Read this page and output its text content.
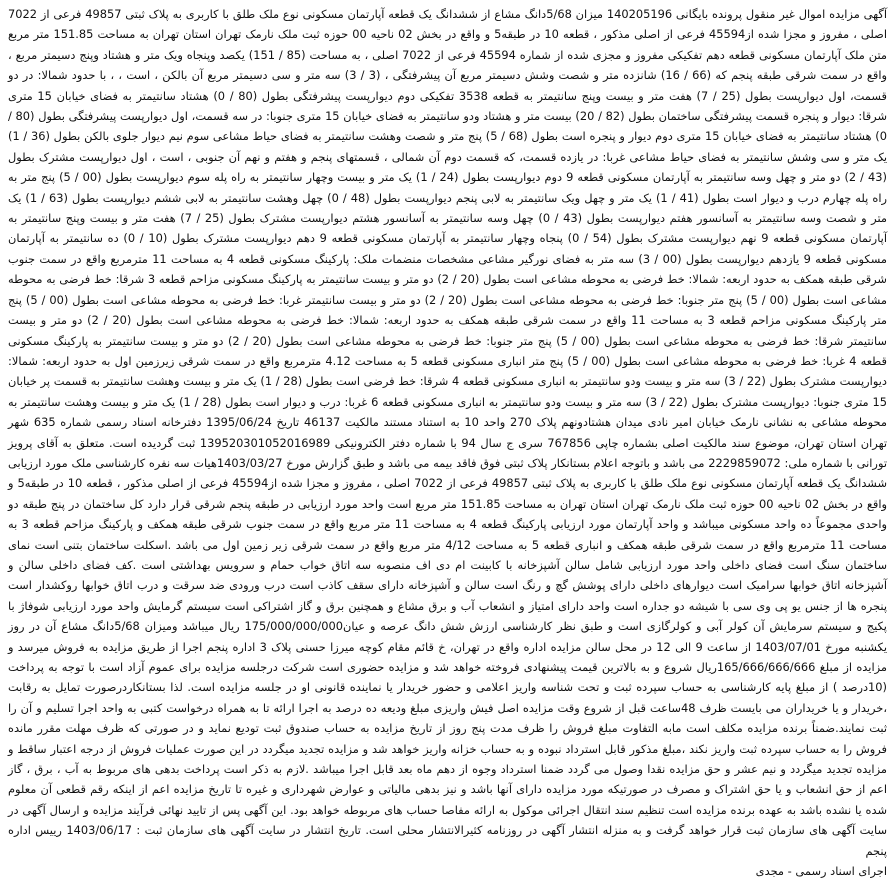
آگهی مزایده اموال غیر منقول پرونده بایگانی 140205196 میزان 5/68دانگ مشاع از ششدانگ یک قطعه آپارتمان مسکونی نوع ملک طلق با کاربری به پلاک ثبتی 49857 فرعی از 7022 اصلی ، مفروز و مجزا شده از45594 فرعی از اصلی مذکور ، قطعه 10 در طبقه5 و واقع در بخش 02 ناحیه 00 حوزه ثبت ملک نارمک تهران استان تهران به مساحت 151.85 متر مربع متن ملک آپارتمان مسکونی قطعه دهم تفکیکی مفروز و مجزی شده از شماره 45594 فرعی از 7022 اصلی ، به مساحت (85 / 151) یکصد وپنجاه ویک متر و هشتاد وپنج دسیمتر مربع ، واقع در سمت شرقی طبقه پنجم که (66 / 16) شانزده متر و شصت وشش دسیمتر مربع آن پیشرفتگی ، (3 / 3) سه متر و سی دسیمتر مربع آن بالکن ، است ، ، با حدود شمالا: در دو قسمت، اول دیوارپست بطول (25 / 7) هفت متر و بیست وپنج سانتیمتر به قطعه 3538 تفکیکی دوم دیوارپست پیشرفتگی بطول (80 / 0) هشتاد سانتیمتر به فضای خیابان 15 متری شرقا: دیوار و پنجره قسمت پیشرفتگی ساختمان بطول (82 / 20) بیست متر و هشتاد ودو سانتیمتر به فضای خیابان 15 متری جنوبا: در سه قسمت، اول دیوارپست پیشرفتگی بطول (80 / 0) هشتاد سانتیمتر به فضای خیابان 15 متری دوم دیوار و پنجره است بطول (68 / 5) پنج متر و شصت وهشت سانتیمتر به فضای حیاط مشاعی سوم نیم دیوار جلوی بالکن بطول (36 / 1) یک متر و سی وشش سانتیمتر به فضای حیاط مشاعی غربا: در یازده قسمت، که قسمت دوم آن شمالی ، قسمتهای پنجم و هفتم و نهم آن جنوبی ، است ، اول دیوارپست مشترک بطول (43 / 2) دو متر و چهل وسه سانتیمتر به آپارتمان مسکونی قطعه 9 دوم دیوارپست بطول (24 / 1) یک متر و بیست وچهار سانتیمتر به راه پله سوم دیوارپست بطول (00 / 5) پنج متر به راه پله چهارم درب و دیوار است بطول (41 / 1) یک متر و چهل ویک سانتیمتر به لابی پنجم دیوارپست بطول (48 / 0) چهل وهشت سانتیمتر به لابی ششم دیوارپست بطول (63 / 1) یک متر و شصت وسه سانتیمتر به آسانسور هفتم دیوارپست بطول (43 / 0) چهل وسه سانتیمتر به آسانسور هشتم دیوارپست مشترک بطول (25 / 7) هفت متر و بیست وپنج سانتیمتر به آپارتمان مسکونی قطعه 9 نهم دیوارپست مشترک بطول (54 / 0) پنجاه وچهار سانتیمتر به آپارتمان مسکونی قطعه 9 دهم دیوارپست مشترک بطول (10 / 0) ده سانتیمتر به آپارتمان مسکونی قطعه 9 یازدهم دیوارپست بطول (00 / 3) سه متر به فضای نورگیر مشاعی مشخصات منضمات ملک: پارکینگ مسکونی قطعه 4 به مساحت 11 مترمربع واقع در سمت جنوب شرقی طبقه همکف به حدود اربعه: شمالا: خط فرضی به محوطه مشاعی است بطول (20 / 2) دو متر و بیست سانتیمتر به پارکینگ مسکونی مزاحم قطعه 3 شرقا: خط فرضی به محوطه مشاعی است بطول (00 / 5) پنج متر جنوبا: خط فرضی به محوطه مشاعی است بطول (20 / 2) دو متر و بیست سانتیمتر غربا: خط فرضی به محوطه مشاعی است بطول (00 / 5) پنج متر پارکینگ مسکونی مزاحم قطعه 3 به مساحت 11 واقع در سمت شرقی طبقه همکف به حدود اربعه: شمالا: خط فرضی به محوطه مشاعی است بطول (20 / 2) دو متر و بیست سانتیمتر شرقا: خط فرضی به محوطه مشاعی است بطول (00 / 5) پنج متر جنوبا: خط فرضی به محوطه مشاعی است بطول (20 / 2) دو متر و بیست سانتیمتر به پارکینگ مسکونی قطعه 4 غربا: خط فرضی به محوطه مشاعی است بطول (00 / 5) پنج متر انباری مسکونی قطعه 5 به مساحت 4.12 مترمربع واقع در سمت شرقی زیرزمین اول به حدود اربعه: شمالا: دیوارپست مشترک بطول (22 / 3) سه متر و بیست ودو سانتیمتر به انباری مسکونی قطعه 4 شرقا: خط فرضی است بطول (28 / 1) یک متر و بیست وهشت سانتیمتر به قسمت پر خیابان 15 متری جنوبا: دیوارپست مشترک بطول (22 / 3) سه متر و بیست ودو سانتیمتر به انباری مسکونی قطعه 6 غربا: درب و دیوار است بطول (28 / 1) یک متر و بیست وهشت سانتیمتر به محوطه مشاعی به نشانی نارمک خیابان امیر نادی میدان هشتادونهم پلاک 270 واحد 10 به استناد مستند مالکیت 46137 تاریخ 1395/06/24 دفترخانه اسناد رسمی شماره 635 شهر تهران استان تهران، موضوع سند مالکیت اصلی بشماره چاپی 767856 سری ج سال 94 با شماره دفتر الکترونیکی 139520301052016989 ثبت گردیده است. متعلق به آقای پرویز تورانی با شماره ملی: 2229859072 می باشد و باتوجه اعلام بستانکار پلاک ثبتی فوق فاقد بیمه می باشد و طبق گزارش مورخ 1403/03/27هیات سه نفره کارشناسی ملک مورد ارزیابی ششدانگ یک قطعه آپارتمان مسکونی نوع ملک طلق با کاربری به پلاک ثبتی 49857 فرعی از 7022 اصلی ، مفروز و مجزا شده از45594 فرعی از اصلی مذکور ، قطعه 10 در طبقه5 و واقع در بخش 02 ناحیه 00 حوزه ثبت ملک نارمک تهران استان تهران به مساحت 151.85 متر مربع است واحد مورد ارزیابی در طبقه پنجم شرقی قرار دارد کل ساختمان در پنج طبقه دو واحدی مجموعاً ده واحد مسکونی میباشد و واحد آپارتمان مورد ارزیابی پارکینگ قطعه 4 به مساحت 11 متر مربع واقع در سمت جنوب شرقی طبقه همکف و پارکینگ مزاحم قطعه 3 به مساحت 11 مترمربع واقع در سمت شرقی طبقه همکف و انباری قطعه 5 به مساحت 4/12 متر مربع واقع در سمت شرقی زیر زمین اول می باشد .اسکلت ساختمان بتنی است نمای ساختمان سنگ است فضای داخلی واحد مورد ارزیابی شامل سالن آشپزخانه با کابینت ام دی اف منصوبه سه اتاق خواب حمام و سرویس بهداشتی است .کف فضای داخلی سالن و آشپزخانه اتاق خوابها سرامیک است دیوارهای داخلی دارای پوشش گچ و رنگ است سالن و آشپزخانه دارای سقف کاذب است درب ورودی ضد سرقت و درب اتاق خوابها روکشدار است پنجره ها از جنس یو پی وی سی با شیشه دو جداره است واحد دارای امتیاز و انشعاب آب و برق مشاع و همچنین برق و گاز اشتراکی است سیستم گرمایش واحد مورد ارزیابی شوفاژ با پکیج و سیستم سرمایش آن کولر آبی و کولرگازی است و طبق نظر کارشناسی ارزش شش دانگ عرصه و عیان175/000/000/000 ریال میباشد ومیزان 5/68دانگ مشاع آن در روز یکشنبه مورخ 1403/07/01 از ساعت 9 الی 12 در محل سالن مزایده اداره واقع در تهران، خ قائم مقام کوچه میرزا حسنی پلاک 3 اداره پنجم اجرا از طریق مزایده به فروش میرسد و مزایده از مبلغ 165/666/666/666ریال شروع و به بالاترین قیمت پیشنهادی فروخته خواهد شد و مزایده حضوری است شرکت درجلسه مزایده برای عموم آزاد است با توجه به پرداخت (10درصد ) از مبلغ پایه کارشناسی به حساب سپرده ثبت و تحت شناسه واریز اعلامی و حضور خریدار یا نماینده قانونی او در جلسه مزایده است. لذا بستانکاردرصورت تمایل به رقابت ،خریدار و یا خریداران می بایست ظرف 48ساعت قبل از شروع وقت مزایده اصل فیش واریزی مبلغ ودیعه ده درصد به اجرا ارائه تا به همراه درخواست کتبی به واحد اجرا تسلیم و آن را ثبت نمایند.ضمناً برنده مزایده مکلف است مابه التفاوت مبلغ فروش را ظرف مدت پنج روز از تاریخ مزایده به حساب صندوق ثبت تودیع نماید و در صورتی که ظرف مهلت مقرر مانده فروش را به حساب سپرده ثبت واریز نکند ،مبلغ مذکور قابل استرداد نبوده و به حساب خزانه واریز خواهد شد و مزایده تجدید میگردد در این صورت عملیات فروش از درجه اعتبار ساقط و مزایده تجدید میگردد و نیم عشر و حق مزایده نقدا وصول می گردد ضمنا استرداد وجوه از دهم ماه بعد قابل اجرا میباشد .لازم به ذکر است پرداخت بدهی های مربوط به آب ، برق ، گاز اعم از حق انشعاب و یا حق اشتراک و مصرف در صورتیکه مورد مزایده دارای آنها باشد و نیز بدهی مالیاتی و عوارض شهرداری و غیره تا تاریخ مزایده اعم از اینکه رقم قطعی آن معلوم شده یا نشده باشد به عهده برنده مزایده است تنظیم سند انتقال اجرائی موکول به ارائه مفاصا حساب های مربوطه خواهد بود. این آگهی پس از تایید نهائی فرآیند مزایده و ارسال آگهی در سایت آگهی های سازمان ثبت قرار خواهد گرفت و به منزله انتشار آگهی در روزنامه کثیرالانتشار محلی است. تاریخ انتشار در سایت آگهی های سازمان ثبت : 1403/06/17 رییس اداره پنجم

اجرای اسناد رسمی - مجدی
